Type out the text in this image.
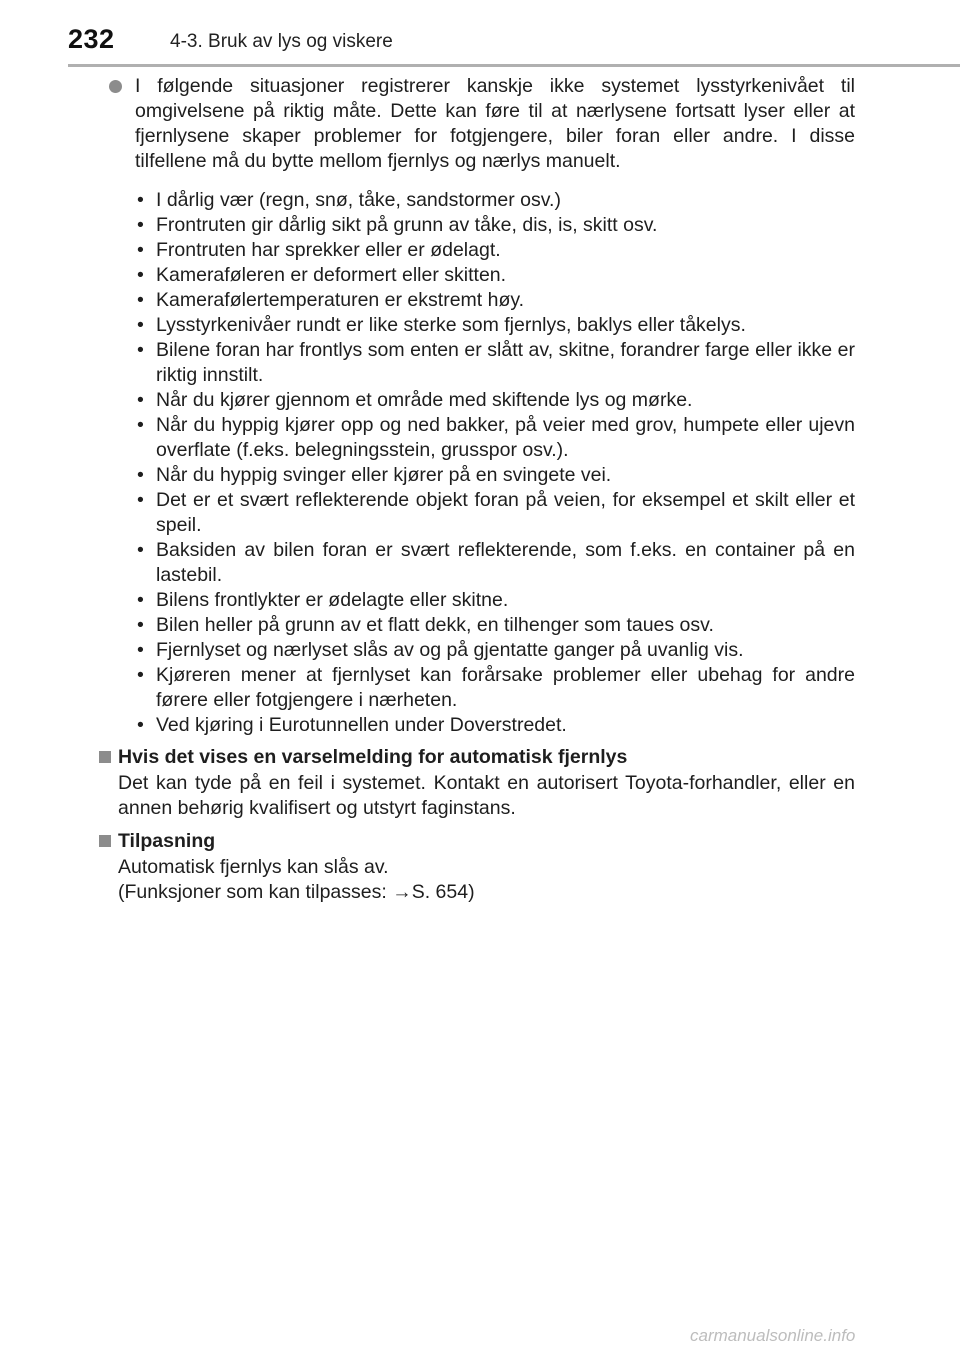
232	4-3. Bruk av lys og viskere
I følgende situasjoner registrerer kanskje ikke systemet lysstyrkenivået til omgivelsene på riktig måte. Dette kan føre til at nærlysene fortsatt lyser eller at fjernlysene skaper problemer for fotgjengere, biler foran eller andre. I disse tilfellene må du bytte mellom fjernlys og nærlys manuelt.
• I dårlig vær (regn, snø, tåke, sandstormer osv.)
• Frontruten gir dårlig sikt på grunn av tåke, dis, is, skitt osv.
• Frontruten har sprekker eller er ødelagt.
• Kameraføleren er deformert eller skitten.
• Kamerafølertemperaturen er ekstremt høy.
• Lysstyrkenivåer rundt er like sterke som fjernlys, baklys eller tåkelys.
• Bilene foran har frontlys som enten er slått av, skitne, forandrer farge eller ikke er riktig innstilt.
• Når du kjører gjennom et område med skiftende lys og mørke.
• Når du hyppig kjører opp og ned bakker, på veier med grov, humpete eller ujevn overflate (f.eks. belegningsstein, grusspor osv.).
• Når du hyppig svinger eller kjører på en svingete vei.
• Det er et svært reflekterende objekt foran på veien, for eksempel et skilt eller et speil.
• Baksiden av bilen foran er svært reflekterende, som f.eks. en container på en lastebil.
• Bilens frontlykter er ødelagte eller skitne.
• Bilen heller på grunn av et flatt dekk, en tilhenger som taues osv.
• Fjernlyset og nærlyset slås av og på gjentatte ganger på uvanlig vis.
• Kjøreren mener at fjernlyset kan forårsake problemer eller ubehag for andre førere eller fotgjengere i nærheten.
• Ved kjøring i Eurotunnellen under Doverstredet.
Hvis det vises en varselmelding for automatisk fjernlys
Det kan tyde på en feil i systemet. Kontakt en autorisert Toyota-forhandler, eller en annen behørig kvalifisert og utstyrt faginstans.
Tilpasning

Automatisk fjernlys kan slås av.

(Funksjoner som kan tilpasses: →S. 654)

carmanualsonline.info
